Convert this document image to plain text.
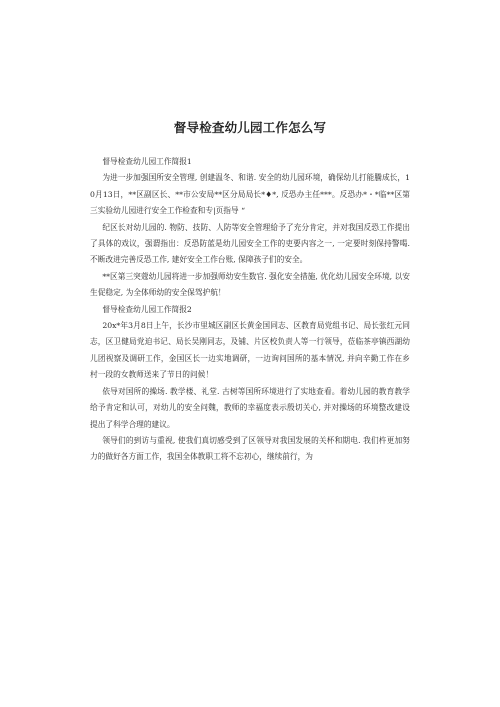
督导检查幼儿园工作怎么写

督导检查幼儿园工作简报1

为进一步加强国所安全管理, 创建温冬、和谐. 安全的幼儿园环境，确保幼儿打能騰成长，10月13日，**区副区长、**市公安局**区分局局长*♦*, 反恐办主任***。反恐办*・*临**区第三实验幼儿园进行安全工作检查和专|页指导 “

纪区长对幼儿园的. 物防、技防、人防等安全管理給予了充分肯定，并对我国反恐工作提出了具体的戏议，强谓指出：反恐防蓝是幼儿园安全工作的吏要内容之一, 一定要时刻保持警喝. 不断改进完善反恐工作, 建好安全工作台账, 保障孩子们的安全。

**区第三突蔻幼儿园将进一步加强师幼安生数官. 强化安全措施, 优化幼儿园安全环境, 以安生促稳定, 为全体师幼的安全保驾护航！

督导检查幼儿园工作简报2

20x*年3月8日上午，长沙市里城区副区长黄金国同志、区教育局党组书记、局长张红元同志，区卫健局党迫书记、局长吴刚同志，及铺、片区校负责人等一行领导，莅临茶亭镇西湖幼儿团视察及调研工作，金国区长一边实地调研，一边询问国所的基本情况, 并向辛勤工作在乡村一段的女教师送来了节日的问候！

依导对国所的操场. 教学楼、礼堂. 古树等国所环境进行了实地查看。着幼儿园的教育教学给予肯定和认可，对幼儿的安全问魏，教师的幸福度表示殷切关心, 并对操场的环境整改建设提出了科学合理的建议。

领导们的到访与重视, 使我们真切感受到了区领导对我国发展的关杯和期电. 我们杵更加努力的做好各方面工作，我国全体教职工将不忘初心，继续前行，为
